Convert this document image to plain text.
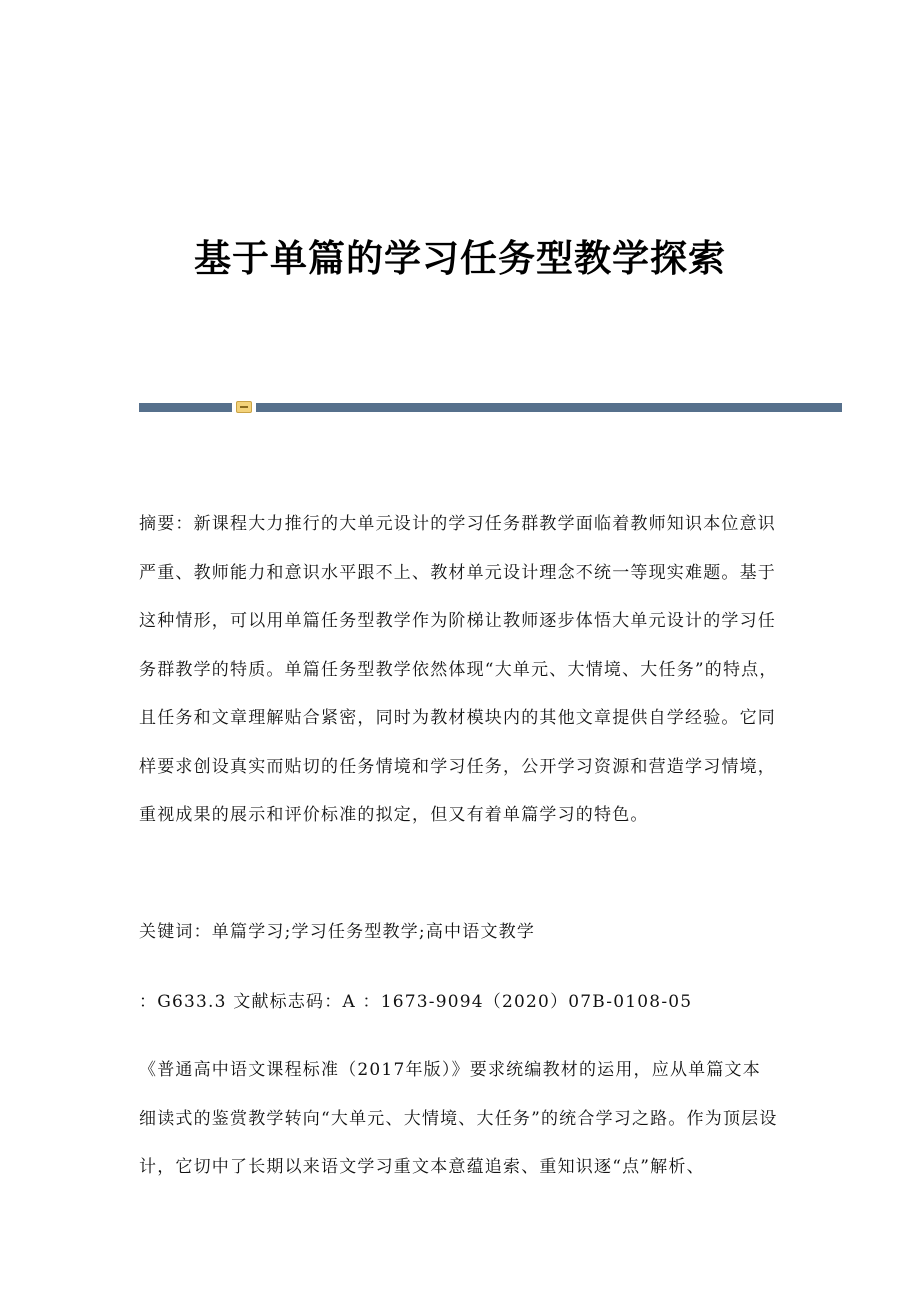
基于单篇的学习任务型教学探索

摘要：新课程大力推行的大单元设计的学习任务群教学面临着教师知识本位意识严重、教师能力和意识水平跟不上、教材单元设计理念不统一等现实难题。基于这种情形，可以用单篇任务型教学作为阶梯让教师逐步体悟大单元设计的学习任务群教学的特质。单篇任务型教学依然体现“大单元、大情境、大任务”的特点，且任务和文章理解贴合紧密，同时为教材模块内的其他文章提供自学经验。它同样要求创设真实而贴切的任务情境和学习任务，公开学习资源和营造学习情境，重视成果的展示和评价标准的拟定，但又有着单篇学习的特色。

关键词：单篇学习;学习任务型教学;高中语文教学

：G633.3 文献标志码：A ：1673-9094（2020）07B-0108-05

《普通高中语文课程标准（2017年版）》要求统编教材的运用，应从单篇文本细读式的鉴赏教学转向“大单元、大情境、大任务”的统合学习之路。作为顶层设计，它切中了长期以来语文学习重文本意蕴追索、重知识逐“点”解析、
